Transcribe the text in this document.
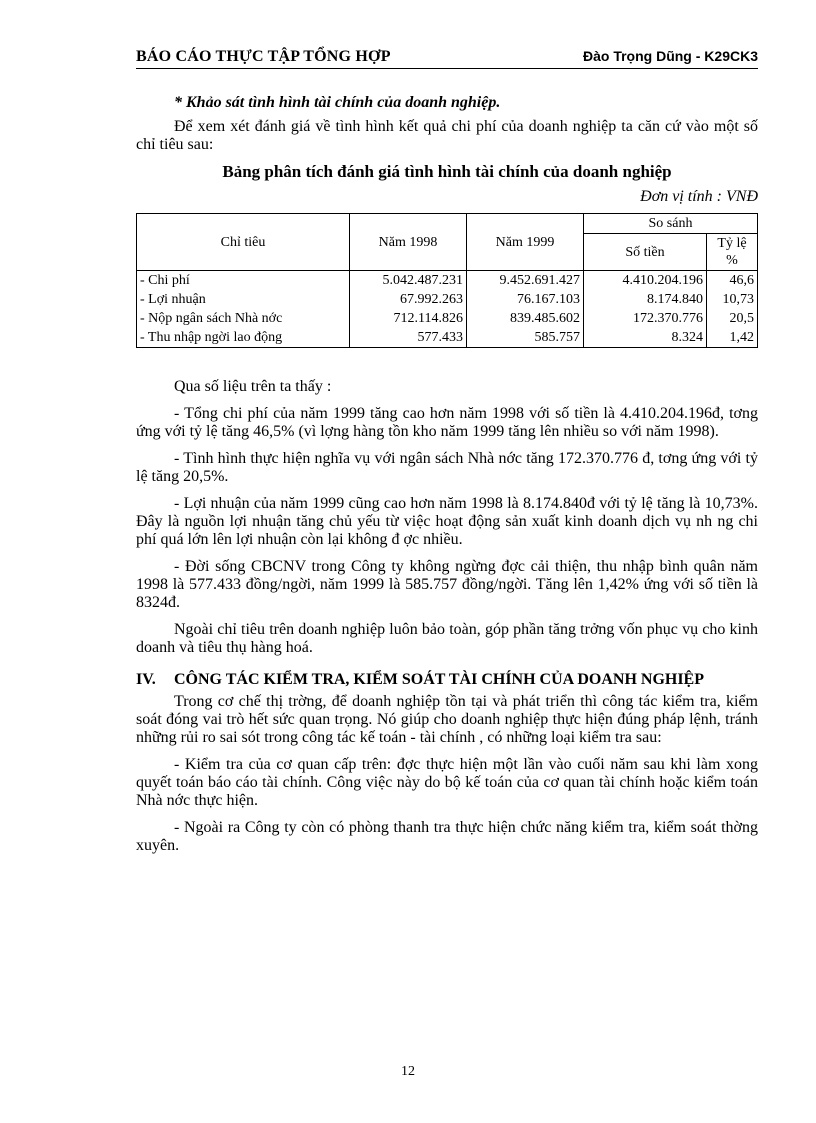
BÁO CÁO THỰC TẬP TỔNG HỢP	Đào Trọng Dũng - K29CK3
* Khảo sát tình hình tài chính của doanh nghiệp.

Để xem xét đánh giá về tình hình kết quả chi phí của doanh nghiệp ta căn cứ vào một số chỉ tiêu sau:

Bảng phân tích đánh giá tình hình tài chính của doanh nghiệp
Đơn vị tính : VNĐ
Chỉ tiêu	Năm 1998	Năm 1999	So sánh	
			Số tiền	Tỷ lệ %
- Chi phí	5.042.487.231	9.452.691.427	4.410.204.196	46,6
- Lợi nhuận	67.992.263	76.167.103	8.174.840	10,73
- Nộp ngân sách Nhà nớc	712.114.826	839.485.602	172.370.776	20,5
- Thu nhập ngời lao động	577.433	585.757	8.324	1,42

Qua số liệu trên ta thấy :

- Tổng chi phí của năm 1999 tăng cao hơn năm 1998 với số tiền là 4.410.204.196đ, tơng ứng với tỷ lệ tăng 46,5% (vì lợng hàng tồn kho năm 1999 tăng lên nhiều so với năm 1998).

- Tình hình thực hiện nghĩa vụ với ngân sách Nhà nớc tăng 172.370.776 đ, tơng ứng với tỷ lệ tăng 20,5%.

- Lợi nhuận của năm 1999 cũng cao hơn năm 1998 là 8.174.840đ với tỷ lệ tăng là 10,73%. Đây là nguồn lợi nhuận tăng chủ yếu từ việc hoạt động sản xuất kinh doanh dịch vụ nh ng chi phí quá lớn lên lợi nhuận còn lại không đ ợc nhiều.

- Đời sống CBCNV trong Công ty không ngừng đợc cải thiện, thu nhập bình quân năm 1998 là 577.433 đồng/ngời, năm 1999 là 585.757 đồng/ngời. Tăng lên 1,42% ứng với số tiền là 8324đ.

Ngoài chỉ tiêu trên doanh nghiệp luôn bảo toàn, góp phần tăng trởng vốn phục vụ cho kinh doanh và tiêu thụ hàng hoá.

IV. CÔNG TÁC KIỂM TRA, KIỂM SOÁT TÀI CHÍNH CỦA DOANH NGHIỆP

Trong cơ chế thị trờng, để doanh nghiệp tồn tại và phát triển thì công tác kiểm tra, kiểm soát đóng vai trò hết sức quan trọng. Nó giúp cho doanh nghiệp thực hiện đúng pháp lệnh, tránh những rủi ro sai sót trong công tác kế toán - tài chính , có những loại kiểm tra sau:

- Kiểm tra của cơ quan cấp trên: đợc thực hiện một lần vào cuối năm sau khi làm xong quyết toán báo cáo tài chính. Công việc này do bộ kế toán của cơ quan tài chính hoặc kiểm toán Nhà nớc thực hiện.

- Ngoài ra Công ty còn có phòng thanh tra thực hiện chức năng kiểm tra, kiểm soát thờng xuyên.

12
